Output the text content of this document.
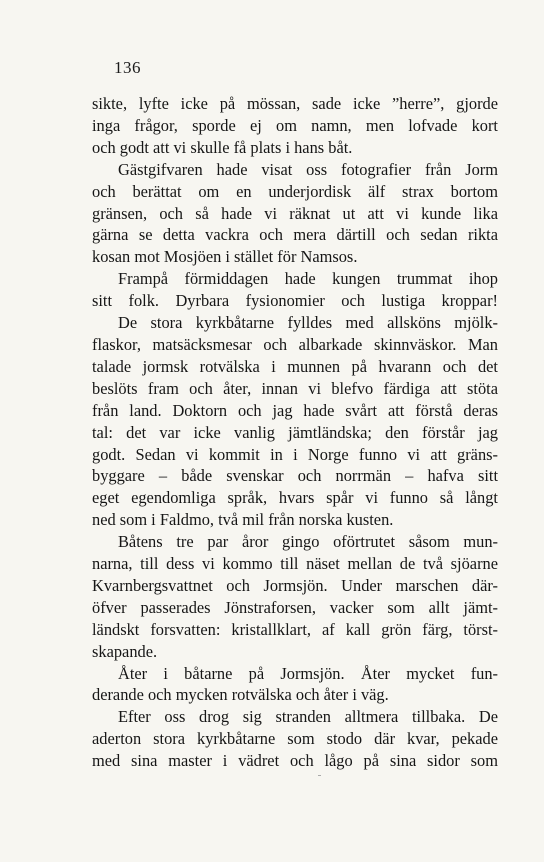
136
sikte, lyfte icke på mössan, sade icke ”herre”, gjorde
inga frågor, sporde ej om namn, men lofvade kort
och godt att vi skulle få plats i hans båt.
Gästgifvaren hade visat oss fotografier från Jorm
och berättat om en underjordisk älf strax bortom
gränsen, och så hade vi räknat ut att vi kunde lika
gärna se detta vackra och mera därtill och sedan rikta
kosan mot Mosjöen i stället för Namsos.
Frampå förmiddagen hade kungen trummat ihop
sitt folk. Dyrbara fysionomier och lustiga kroppar!
De stora kyrkbåtarne fylldes med allsköns mjölk-
flaskor, matsäcksmesar och albarkade skinnväskor. Man
talade jormsk rotvälska i munnen på hvarann och det
beslöts fram och åter, innan vi blefvo färdiga att stöta
från land. Doktorn och jag hade svårt att förstå deras
tal: det var icke vanlig jämtländska; den förstår jag
godt. Sedan vi kommit in i Norge funno vi att gräns-
byggare – både svenskar och norrmän – hafva sitt
eget egendomliga språk, hvars spår vi funno så långt
ned som i Faldmo, två mil från norska kusten.
Båtens tre par åror gingo oförtrutet såsom mun-
narna, till dess vi kommo till näset mellan de två sjöarne
Kvarnbergsvattnet och Jormsjön. Under marschen där-
öfver passerades Jönstraforsen, vacker som allt jämt-
ländskt forsvatten: kristallklart, af kall grön färg, törst-
skapande.
Åter i båtarne på Jormsjön. Åter mycket fun-
derande och mycken rotvälska och åter i väg.
Efter oss drog sig stranden alltmera tillbaka. De
aderton stora kyrkbåtarne som stodo där kvar, pekade
med sina master i vädret och lågo på sina sidor som
